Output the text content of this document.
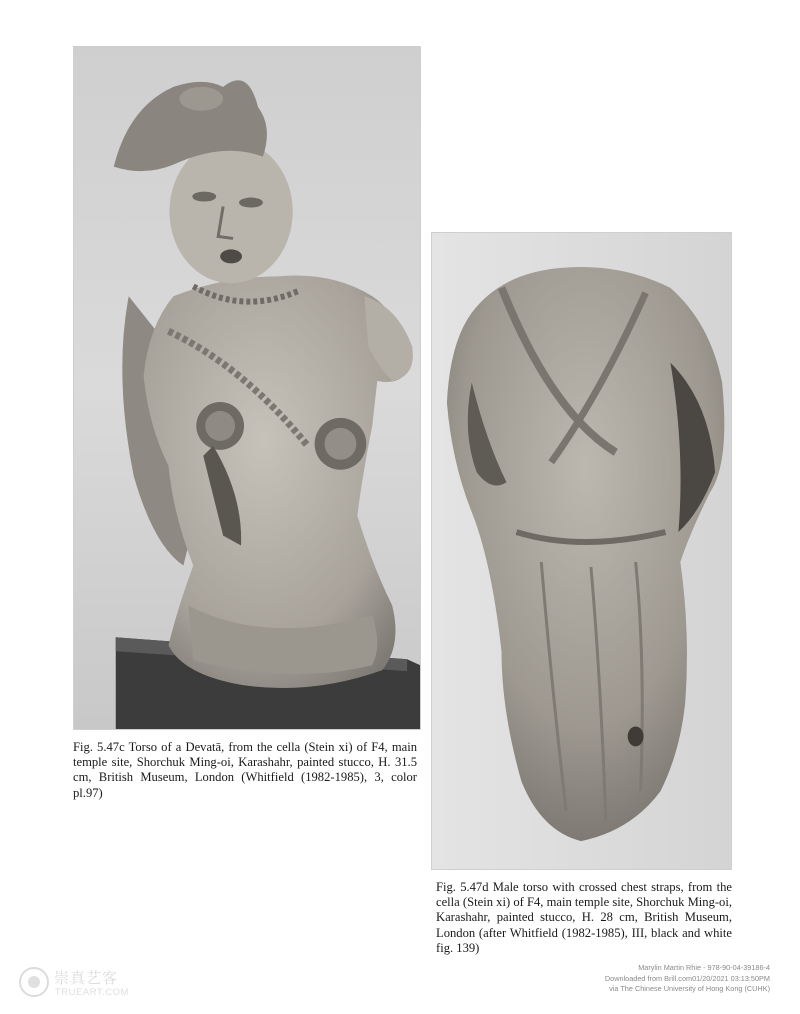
Fig. 5.47c Torso of a Devatā, from the cella (Stein xi) of F4, main temple site, Shorchuk Ming-oi, Karashahr, painted stucco, H. 31.5 cm, British Museum, London (Whitfield (1982-1985), 3, color pl.97)

Fig. 5.47d Male torso with crossed chest straps, from the cella (Stein xi) of F4, main temple site, Shorchuk Ming-oi, Karashahr, painted stucco, H. 28 cm, British Museum, London (after Whitfield (1982-1985), III, black and white fig. 139)

崇真艺客
TRUEART.COM
Marylin Martin Rhie - 978-90-04-39186-4
Downloaded from Brill.com01/20/2021 03:13:50PM
via The Chinese University of Hong Kong (CUHK)
